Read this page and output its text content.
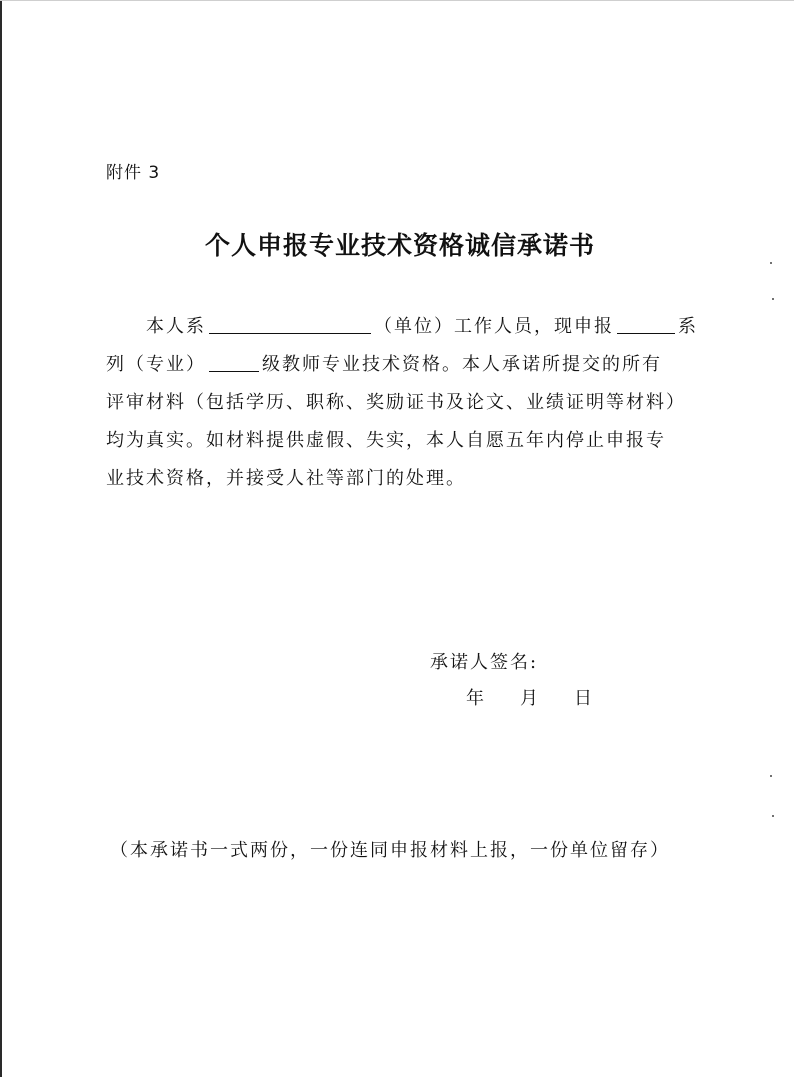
附件 3
个人申报专业技术资格诚信承诺书
本人系	（单位）工作人员，现申报	系
列（专业）	级教师专业技术资格。本人承诺所提交的所有
评审材料（包括学历、职称、奖励证书及论文、业绩证明等材料）
均为真实。如材料提供虚假、失实，本人自愿五年内停止申报专
业技术资格，并接受人社等部门的处理。
承诺人签名:
年 月 日
（本承诺书一式两份，一份连同申报材料上报，一份单位留存）
